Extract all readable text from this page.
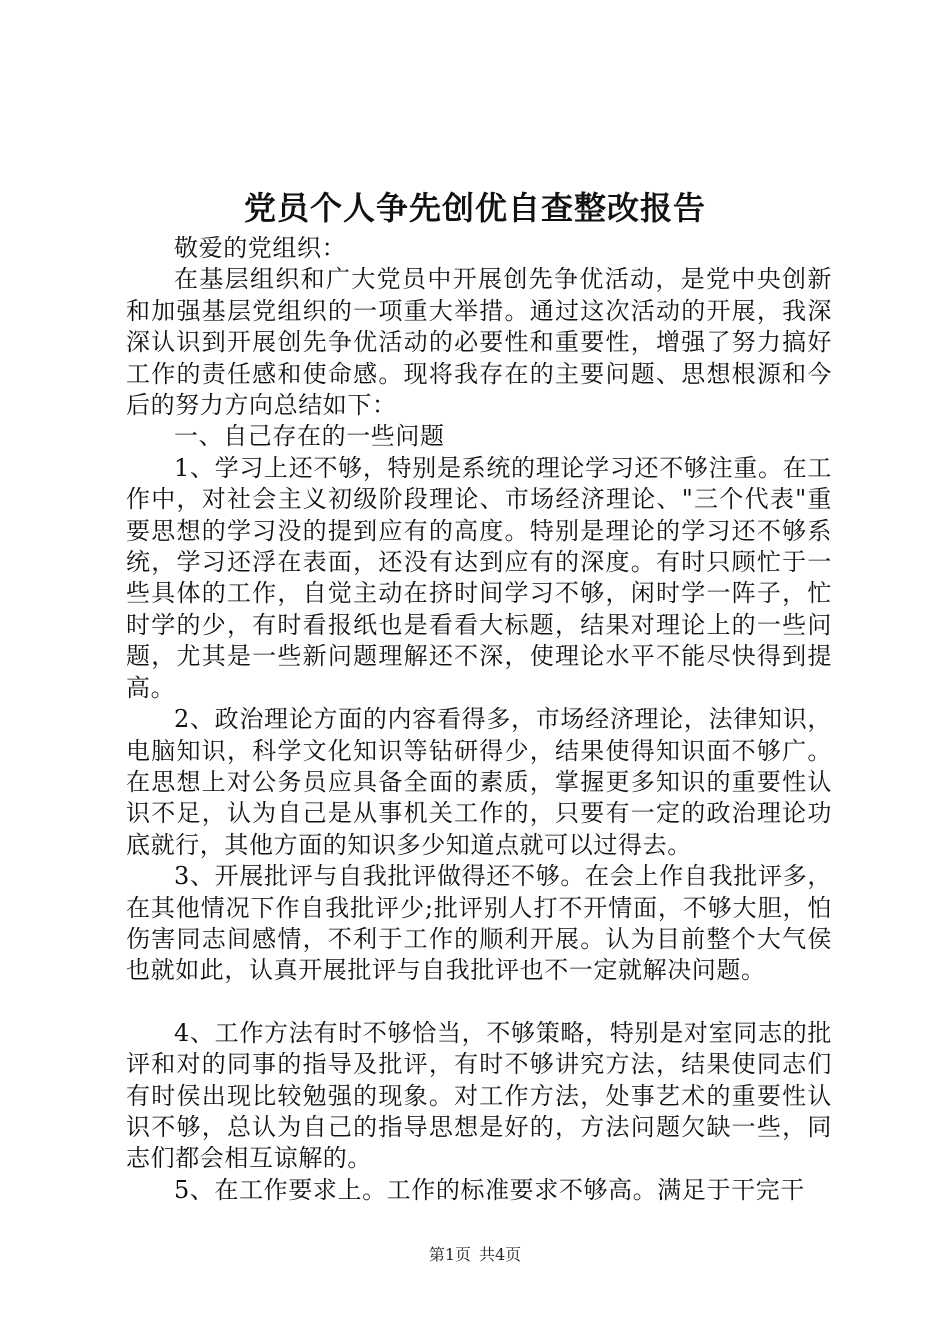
党员个人争先创优自查整改报告

敬爱的党组织：

在基层组织和广大党员中开展创先争优活动，是党中央创新和加强基层党组织的一项重大举措。通过这次活动的开展，我深深认识到开展创先争优活动的必要性和重要性，增强了努力搞好工作的责任感和使命感。现将我存在的主要问题、思想根源和今后的努力方向总结如下：

一、自己存在的一些问题

1、学习上还不够，特别是系统的理论学习还不够注重。在工作中，对社会主义初级阶段理论、市场经济理论、"三个代表"重要思想的学习没的提到应有的高度。特别是理论的学习还不够系统，学习还浮在表面，还没有达到应有的深度。有时只顾忙于一些具体的工作，自觉主动在挤时间学习不够，闲时学一阵子，忙时学的少，有时看报纸也是看看大标题，结果对理论上的一些问题，尤其是一些新问题理解还不深，使理论水平不能尽快得到提高。

2、政治理论方面的内容看得多，市场经济理论，法律知识，电脑知识，科学文化知识等钻研得少，结果使得知识面不够广。在思想上对公务员应具备全面的素质，掌握更多知识的重要性认识不足，认为自己是从事机关工作的，只要有一定的政治理论功底就行，其他方面的知识多少知道点就可以过得去。

3、开展批评与自我批评做得还不够。在会上作自我批评多，在其他情况下作自我批评少;批评别人打不开情面，不够大胆，怕伤害同志间感情，不利于工作的顺利开展。认为目前整个大气侯也就如此，认真开展批评与自我批评也不一定就解决问题。

4、工作方法有时不够恰当，不够策略，特别是对室同志的批评和对的同事的指导及批评，有时不够讲究方法，结果使同志们有时侯出现比较勉强的现象。对工作方法，处事艺术的重要性认识不够，总认为自己的指导思想是好的，方法问题欠缺一些，同志们都会相互谅解的。

5、在工作要求上。工作的标准要求不够高。满足于干完干

第1页 共4页
